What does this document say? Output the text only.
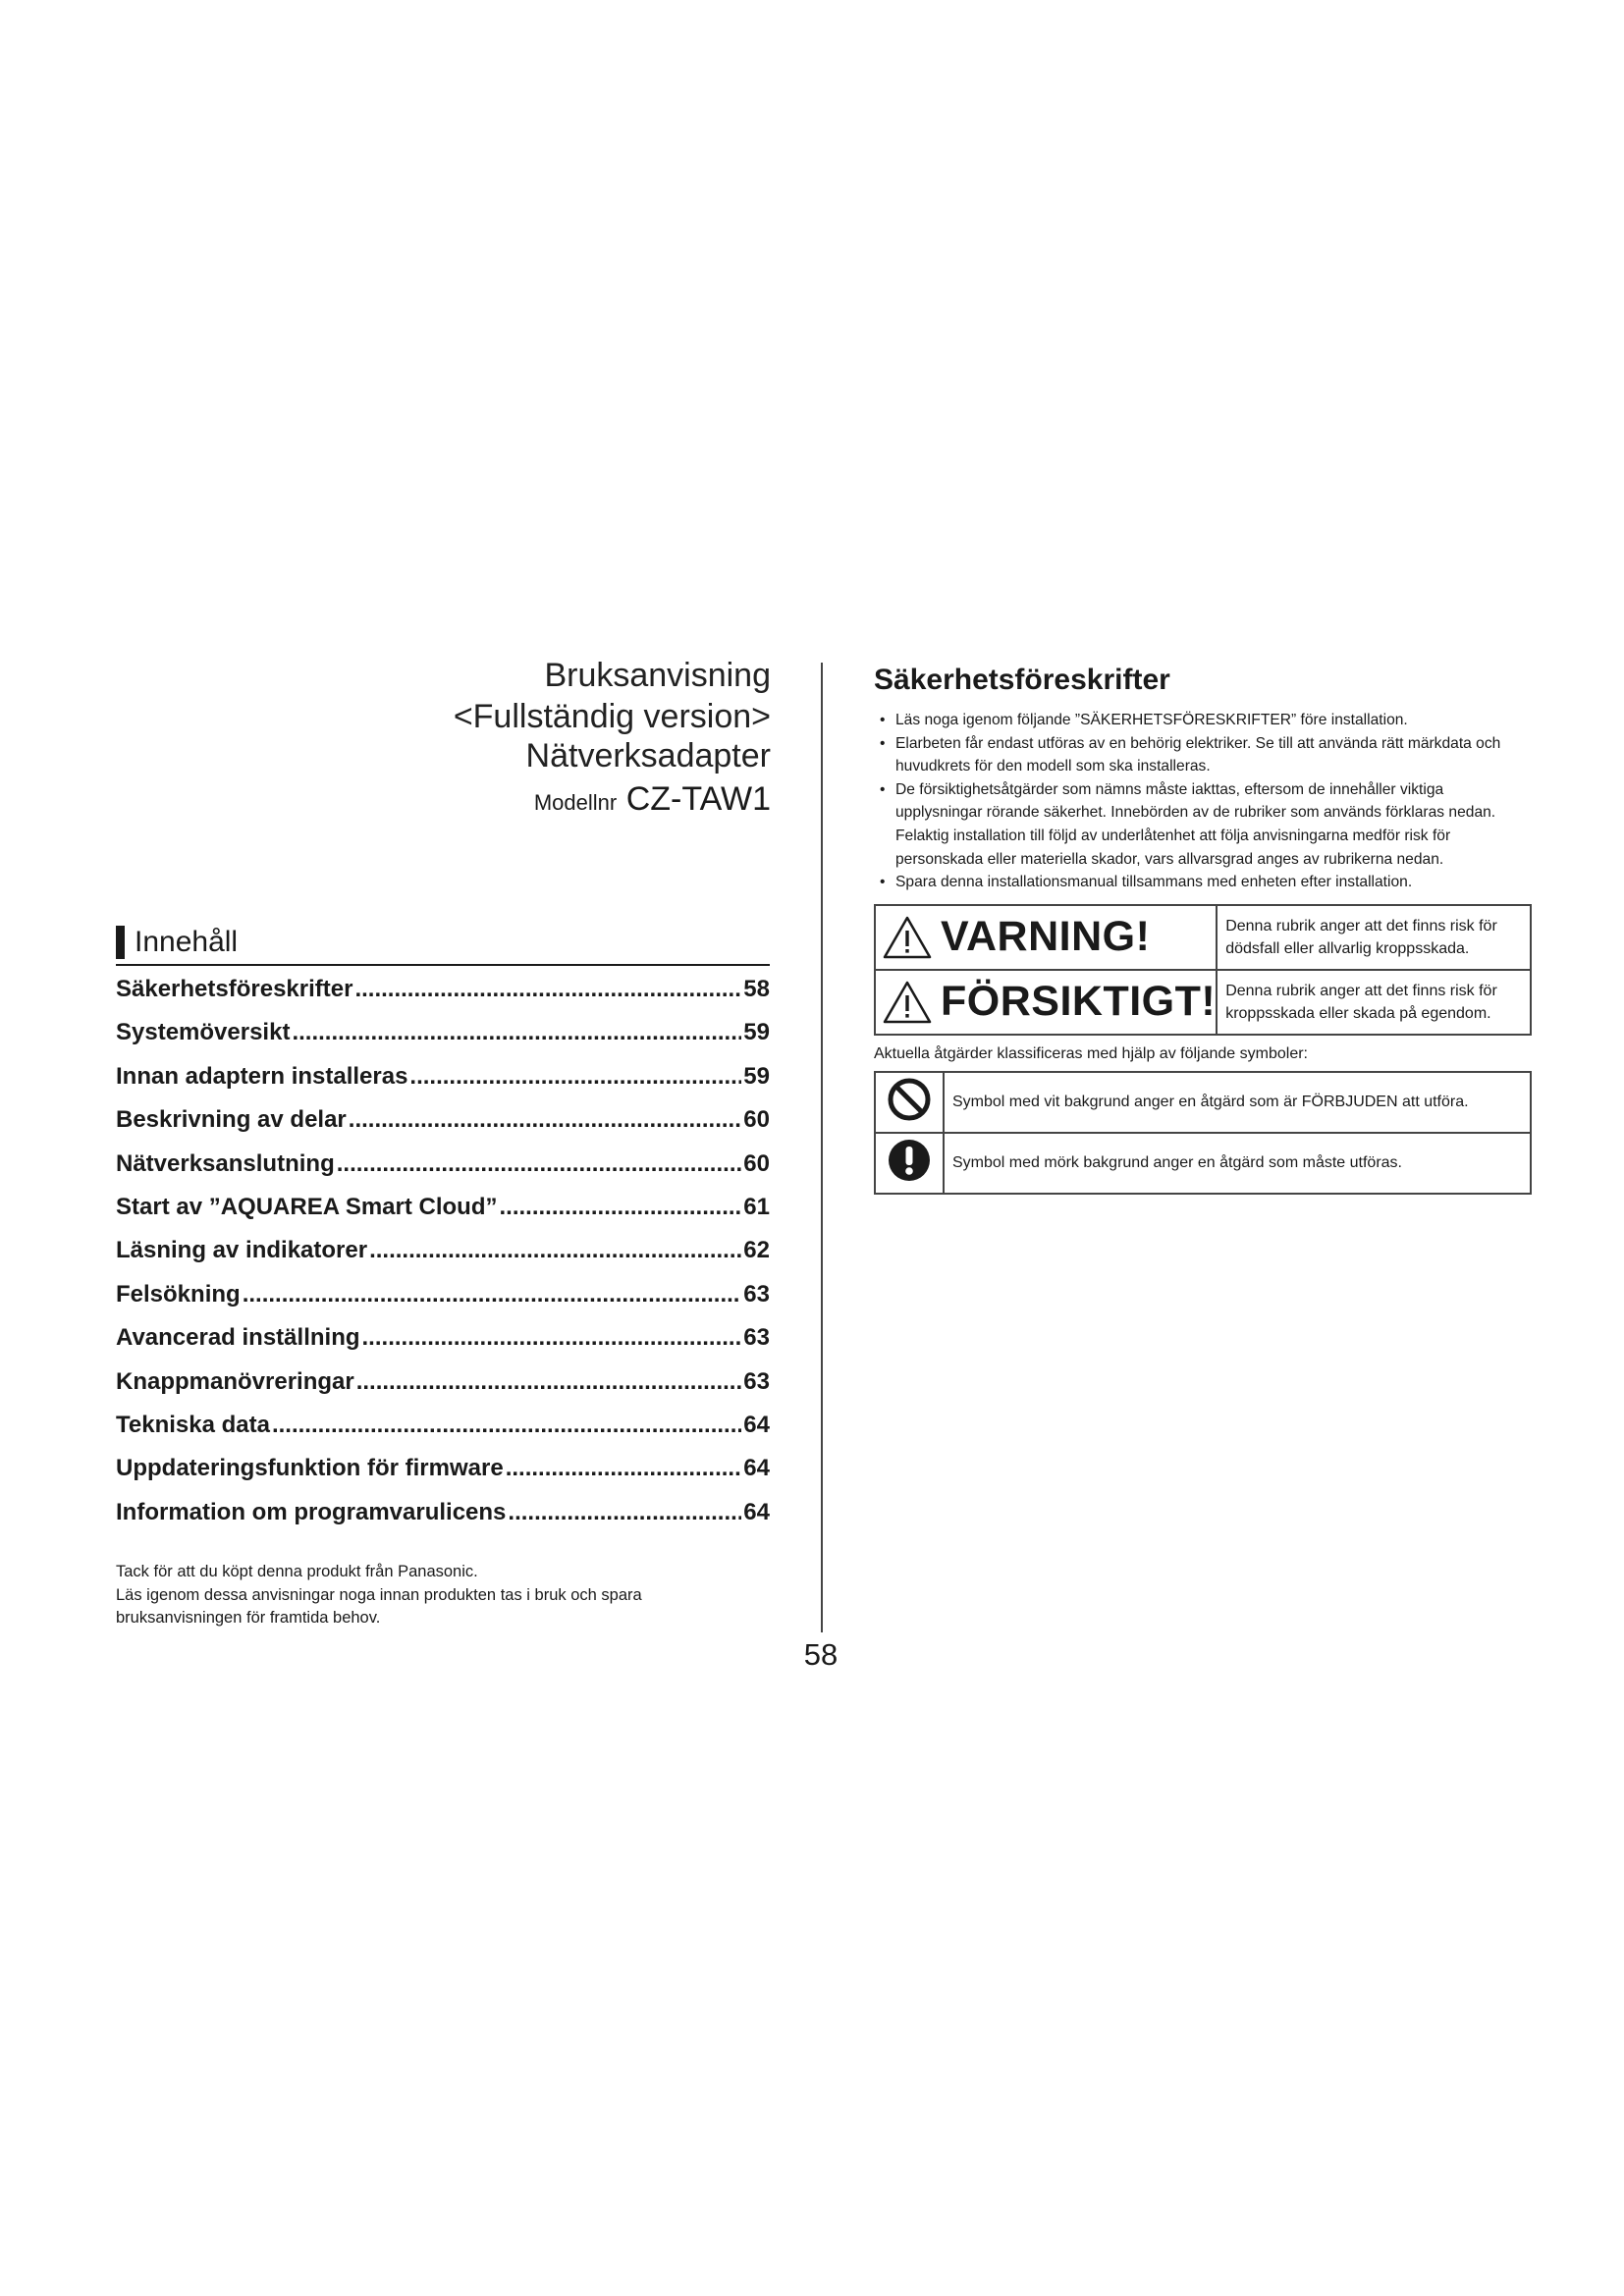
Bruksanvisning
<Fullständig version>
Nätverksadapter
Modellnr CZ-TAW1
Innehåll
Säkerhetsföreskrifter .....	58
Systemöversikt .....	59
Innan adaptern installeras .....	59
Beskrivning av delar .....	60
Nätverksanslutning .....	60
Start av ”AQUAREA Smart Cloud” .....	61
Läsning av indikatorer .....	62
Felsökning .....	63
Avancerad inställning .....	63
Knappmanövreringar .....	63
Tekniska data .....	64
Uppdateringsfunktion för firmware .....	64
Information om programvarulicens .....	64

Tack för att du köpt denna produkt från Panasonic.

Läs igenom dessa anvisningar noga innan produkten tas i bruk och spara

bruksanvisningen för framtida behov.

58
Säkerhetsföreskrifter
• Läs noga igenom följande ”SÄKERHETSFÖRESKRIFTER” före installation.
• Elarbeten får endast utföras av en behörig elektriker. Se till att använda rätt märkdata och huvudkrets för den modell som ska installeras.
• De försiktighetsåtgärder som nämns måste iakttas, eftersom de innehåller viktiga upplysningar rörande säkerhet. Innebörden av de rubriker som används förklaras nedan. Felaktig installation till följd av underlåtenhet att följa anvisningarna medför risk för personskada eller materiella skador, vars allvarsgrad anges av rubrikerna nedan.
• Spara denna installationsmanual tillsammans med enheten efter installation.
VARNING!	Denna rubrik anger att det finns risk för dödsfall eller allvarlig kroppsskada.

FÖRSIKTIGT!	Denna rubrik anger att det finns risk för kroppsskada eller skada på egendom.

Aktuella åtgärder klassificeras med hjälp av följande symboler:

	Symbol med vit bakgrund anger en åtgärd som är FÖRBJUDEN att utföra.
	Symbol med mörk bakgrund anger en åtgärd som måste utföras.
